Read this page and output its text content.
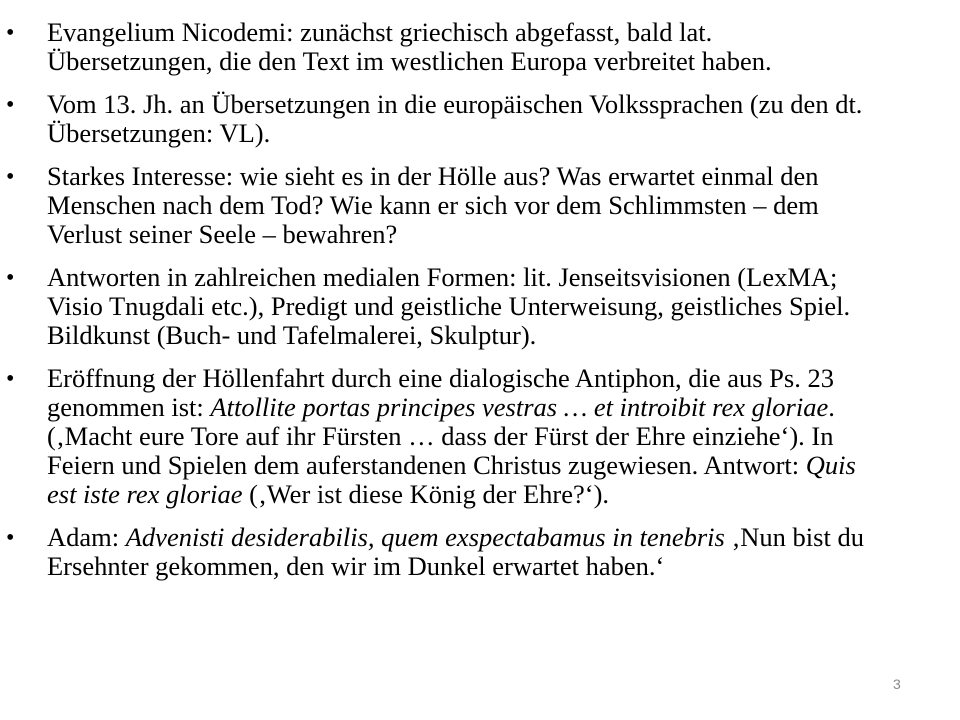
• Evangelium Nicodemi: zunächst griechisch abgefasst, bald lat. Übersetzungen, die den Text im westlichen Europa verbreitet haben.
• Vom 13. Jh. an Übersetzungen in die europäischen Volkssprachen (zu den dt. Übersetzungen: VL).
• Starkes Interesse: wie sieht es in der Hölle aus? Was erwartet einmal den Menschen nach dem Tod? Wie kann er sich vor dem Schlimmsten – dem Verlust seiner Seele – bewahren?
• Antworten in zahlreichen medialen Formen: lit. Jenseitsvisionen (LexMA; Visio Tnugdali etc.), Predigt und geistliche Unterweisung, geistliches Spiel. Bildkunst (Buch- und Tafelmalerei, Skulptur).
• Eröffnung der Höllenfahrt durch eine dialogische Antiphon, die aus Ps. 23 genommen ist: Attollite portas principes vestras … et introibit rex gloriae. (‚Macht eure Tore auf ihr Fürsten … dass der Fürst der Ehre einziehe‘). In Feiern und Spielen dem auferstandenen Christus zugewiesen. Antwort: Quis est iste rex gloriae (‚Wer ist diese König der Ehre?‘).
• Adam: Advenisti desiderabilis, quem exspectabamus in tenebris ‚Nun bist du Ersehnter gekommen, den wir im Dunkel erwartet haben.‘
3
